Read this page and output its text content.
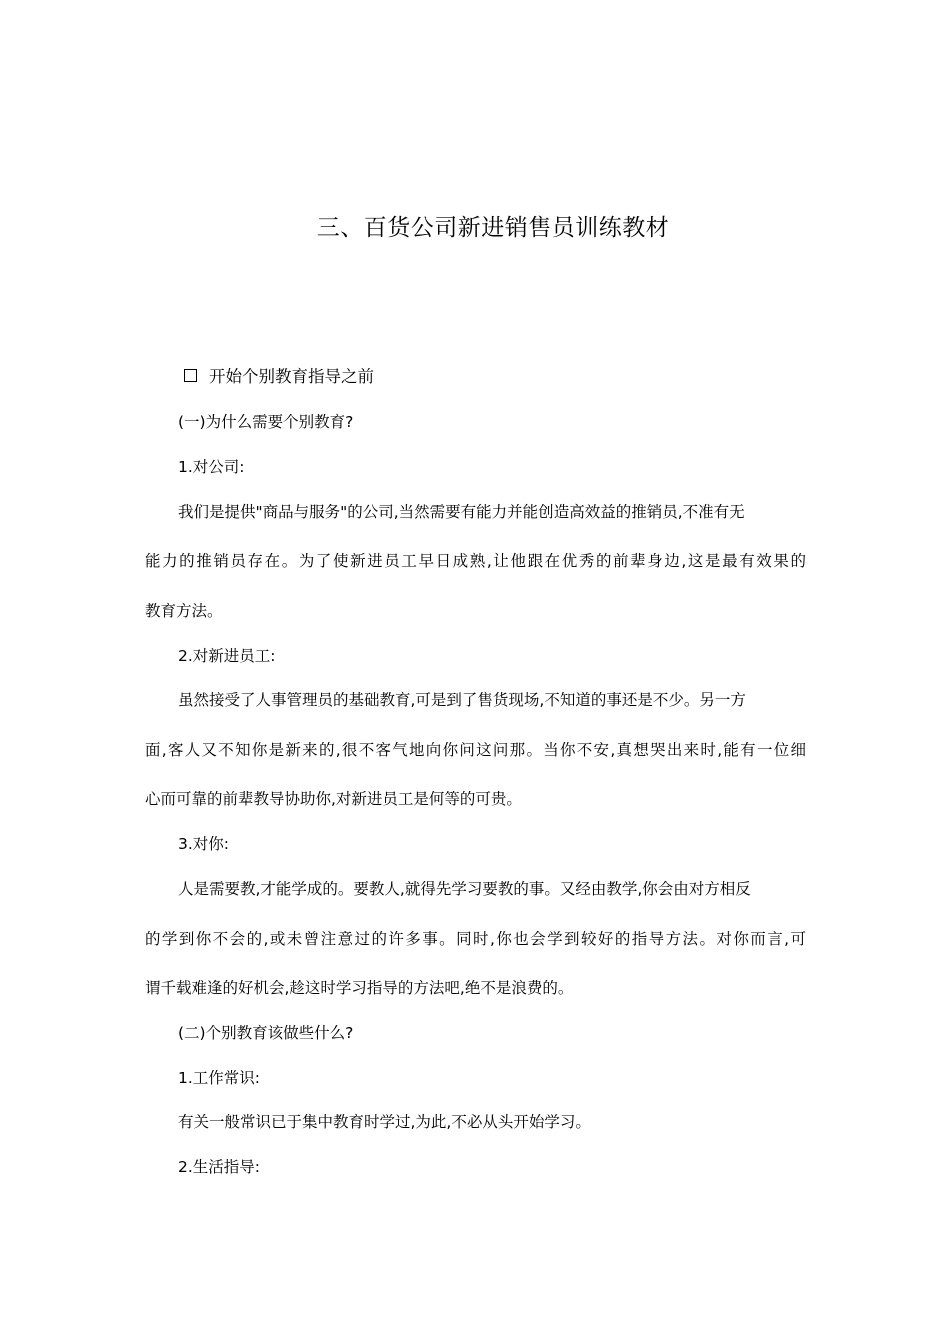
三、百货公司新进销售员训练教材
开始个别教育指导之前
(一)为什么需要个别教育?
1.对公司:
我们是提供"商品与服务"的公司,当然需要有能力并能创造高效益的推销员,不准有无
能力的推销员存在。为了使新进员工早日成熟,让他跟在优秀的前辈身边,这是最有效果的
教育方法。
2.对新进员工:
虽然接受了人事管理员的基础教育,可是到了售货现场,不知道的事还是不少。另一方
面,客人又不知你是新来的,很不客气地向你问这问那。当你不安,真想哭出来时,能有一位细
心而可靠的前辈教导协助你,对新进员工是何等的可贵。
3.对你:
人是需要教,才能学成的。要教人,就得先学习要教的事。又经由教学,你会由对方相反
的学到你不会的,或未曾注意过的许多事。同时,你也会学到较好的指导方法。对你而言,可
谓千载难逢的好机会,趁这时学习指导的方法吧,绝不是浪费的。
(二)个别教育该做些什么?
1.工作常识:
有关一般常识已于集中教育时学过,为此,不必从头开始学习。
2.生活指导:
